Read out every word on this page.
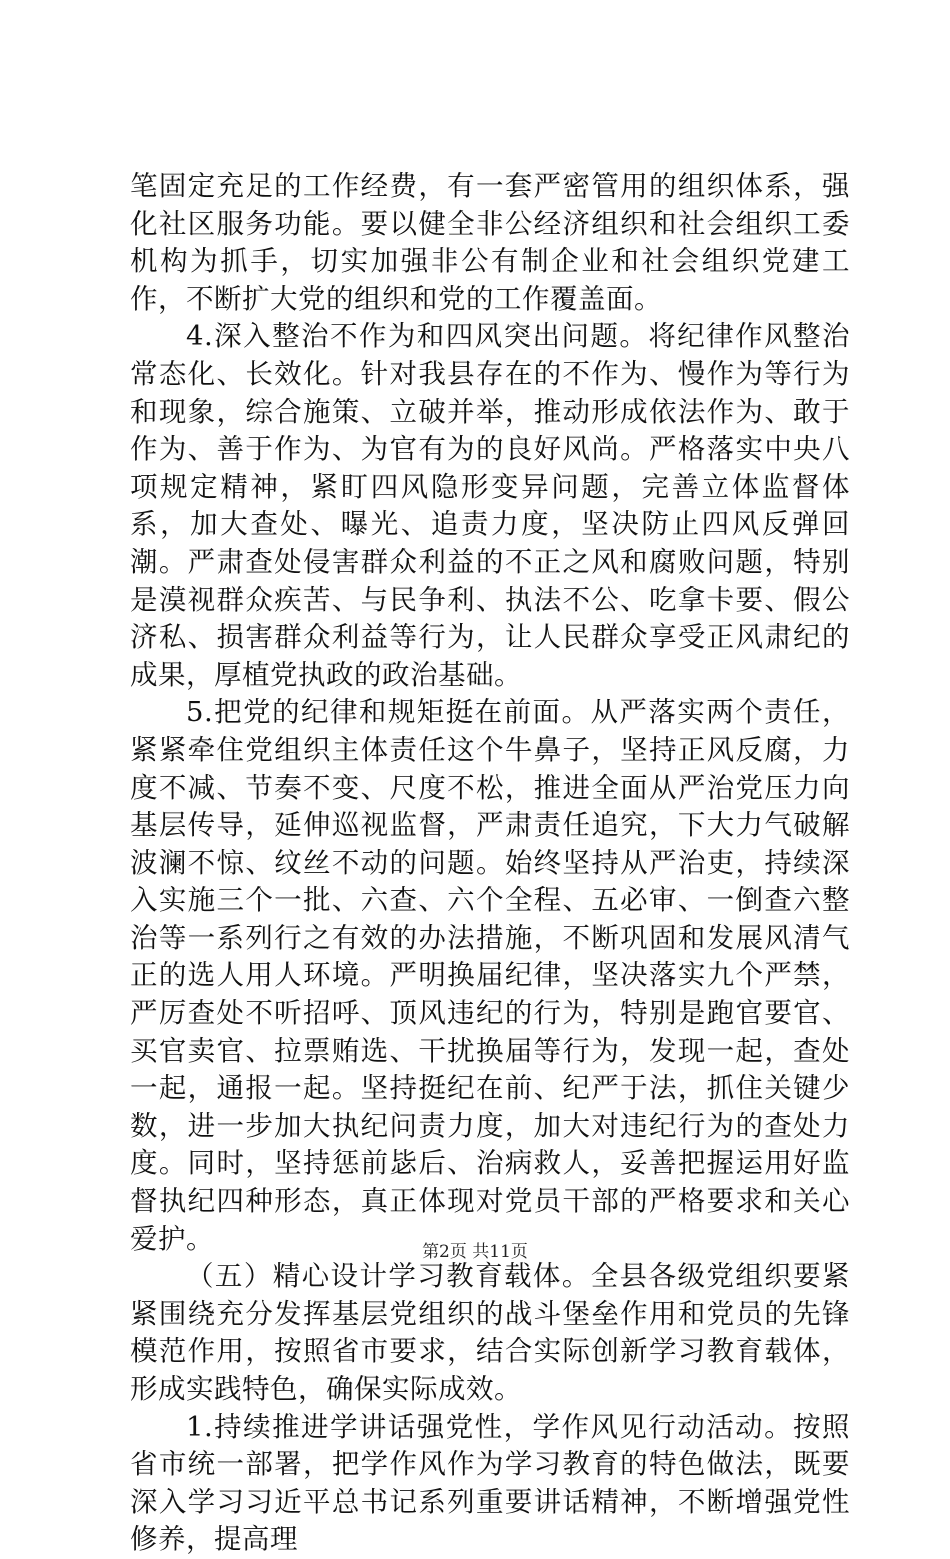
笔固定充足的工作经费，有一套严密管用的组织体系，强化社区服务功能。要以健全非公经济组织和社会组织工委机构为抓手，切实加强非公有制企业和社会组织党建工作，不断扩大党的组织和党的工作覆盖面。

4.深入整治不作为和四风突出问题。将纪律作风整治常态化、长效化。针对我县存在的不作为、慢作为等行为和现象，综合施策、立破并举，推动形成依法作为、敢于作为、善于作为、为官有为的良好风尚。严格落实中央八项规定精神，紧盯四风隐形变异问题，完善立体监督体系，加大查处、曝光、追责力度，坚决防止四风反弹回潮。严肃查处侵害群众利益的不正之风和腐败问题，特别是漠视群众疾苦、与民争利、执法不公、吃拿卡要、假公济私、损害群众利益等行为，让人民群众享受正风肃纪的成果，厚植党执政的政治基础。

5.把党的纪律和规矩挺在前面。从严落实两个责任，紧紧牵住党组织主体责任这个牛鼻子，坚持正风反腐，力度不减、节奏不变、尺度不松，推进全面从严治党压力向基层传导，延伸巡视监督，严肃责任追究，下大力气破解波澜不惊、纹丝不动的问题。始终坚持从严治吏，持续深入实施三个一批、六查、六个全程、五必审、一倒查六整治等一系列行之有效的办法措施，不断巩固和发展风清气正的选人用人环境。严明换届纪律，坚决落实九个严禁，严厉查处不听招呼、顶风违纪的行为，特别是跑官要官、买官卖官、拉票贿选、干扰换届等行为，发现一起，查处一起，通报一起。坚持挺纪在前、纪严于法，抓住关键少数，进一步加大执纪问责力度，加大对违纪行为的查处力度。同时，坚持惩前毖后、治病救人，妥善把握运用好监督执纪四种形态，真正体现对党员干部的严格要求和关心爱护。

（五）精心设计学习教育载体。全县各级党组织要紧紧围绕充分发挥基层党组织的战斗堡垒作用和党员的先锋模范作用，按照省市要求，结合实际创新学习教育载体，形成实践特色，确保实际成效。

1.持续推进学讲话强党性，学作风见行动活动。按照省市统一部署，把学作风作为学习教育的特色做法，既要深入学习习近平总书记系列重要讲话精神，不断增强党性修养，提高理

第2页 共11页
